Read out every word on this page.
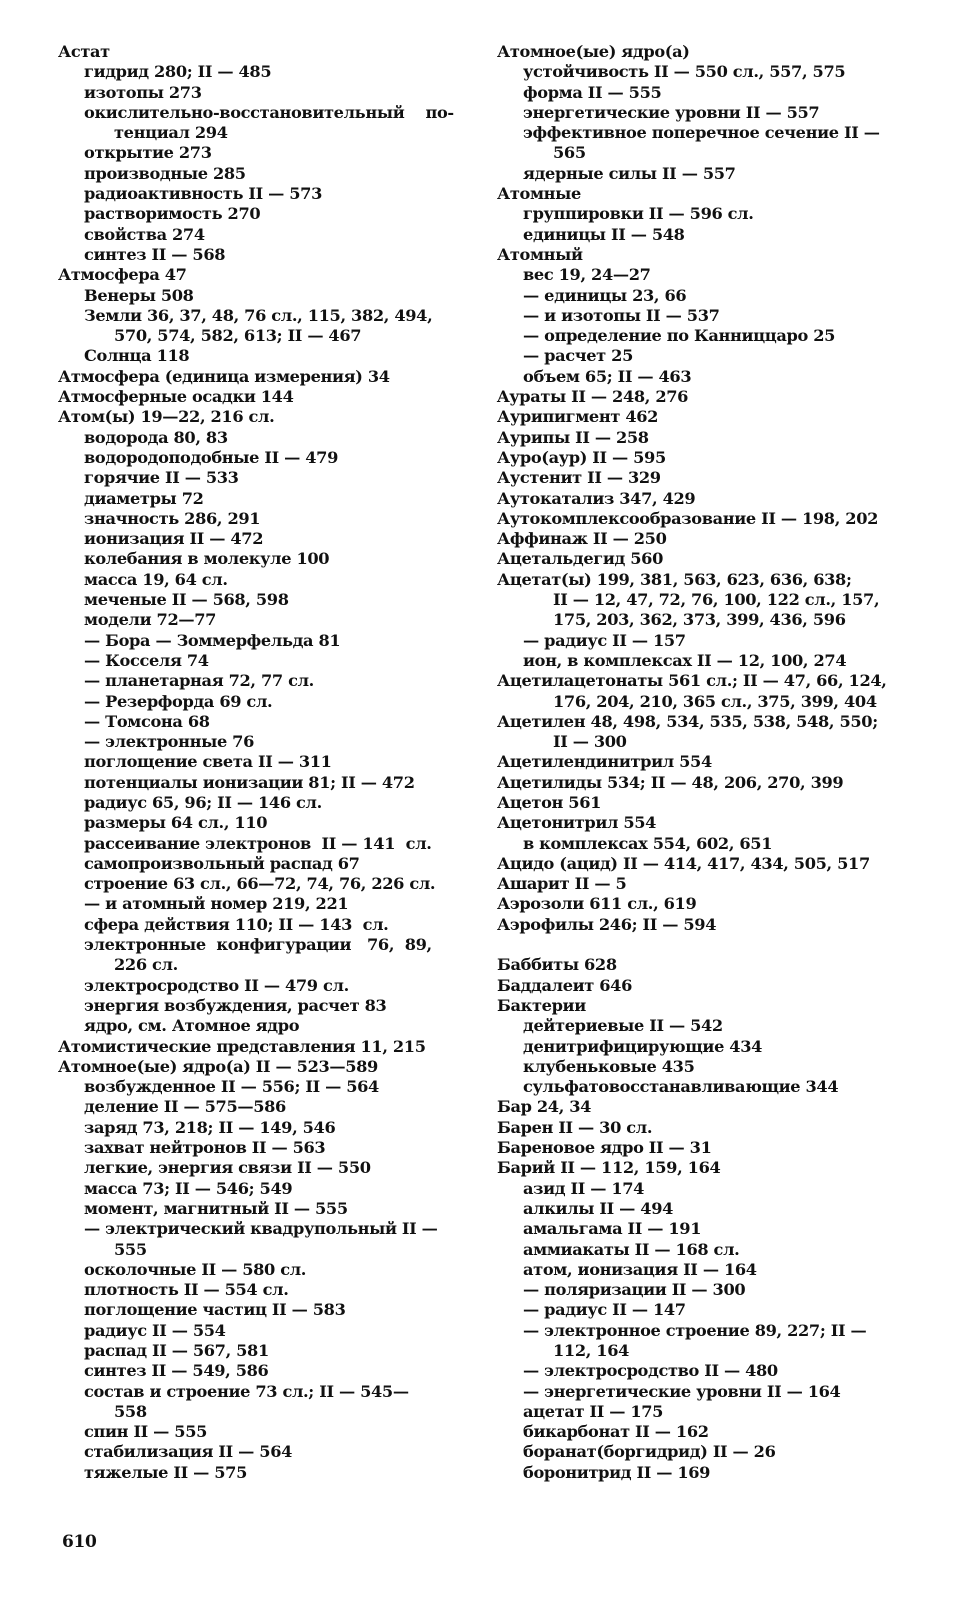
Астат
гидрид 280; II — 485
изотопы 273
окислительно-восстановительный    по-
тенциал 294
открытие 273
производные 285
радиоактивность II — 573
растворимость 270
свойства 274
синтез II — 568
Атмосфера 47
Венеры 508
Земли 36, 37, 48, 76 сл., 115, 382, 494,
570, 574, 582, 613; II — 467
Солнца 118
Атмосфера (единица измерения) 34
Атмосферные осадки 144
Атом(ы) 19—22, 216 сл.
водорода 80, 83
водородоподобные II — 479
горячие II — 533
диаметры 72
значность 286, 291
ионизация II — 472
колебания в молекуле 100
масса 19, 64 сл.
меченые II — 568, 598
модели 72—77
— Бора — Зоммерфельда 81
— Косселя 74
— планетарная 72, 77 сл.
— Резерфорда 69 сл.
— Томсона 68
— электронные 76
поглощение света II — 311
потенциалы ионизации 81; II — 472
радиус 65, 96; II — 146 сл.
размеры 64 сл., 110
рассеивание электронов  II — 141  сл.
самопроизвольный распад 67
строение 63 сл., 66—72, 74, 76, 226 сл.
— и атомный номер 219, 221
сфера действия 110; II — 143  сл.
электронные  конфигурации   76,  89,
226 сл.
электросродство II — 479 сл.
энергия возбуждения, расчет 83
ядро, см. Атомное ядро
Атомистические представления 11, 215
Атомное(ые) ядро(а) II — 523—589
возбужденное II — 556; II — 564
деление II — 575—586
заряд 73, 218; II — 149, 546
захват нейтронов II — 563
легкие, энергия связи II — 550
масса 73; II — 546; 549
момент, магнитный II — 555
— электрический квадрупольный II —
555
осколочные II — 580 сл.
плотность II — 554 сл.
поглощение частиц II — 583
радиус II — 554
распад II — 567, 581
синтез II — 549, 586
состав и строение 73 сл.; II — 545—
558
спин II — 555
стабилизация II — 564
тяжелые II — 575
Атомное(ые) ядро(а)
устойчивость II — 550 сл., 557, 575
форма II — 555
энергетические уровни II — 557
эффективное поперечное сечение II —
565
ядерные силы II — 557
Атомные
группировки II — 596 сл.
единицы II — 548
Атомный
вес 19, 24—27
— единицы 23, 66
— и изотопы II — 537
— определение по Канниццаро 25
— расчет 25
объем 65; II — 463
Aураты II — 248, 276
Аурипигмент 462
Аурипы II — 258
Ауро(аур) II — 595
Аустенит II — 329
Аутокатализ 347, 429
Аутокомплексообразование II — 198, 202
Аффинаж II — 250
Ацетальдегид 560
Ацетат(ы) 199, 381, 563, 623, 636, 638;
II — 12, 47, 72, 76, 100, 122 сл., 157,
175, 203, 362, 373, 399, 436, 596
— радиус II — 157
ион, в комплексах II — 12, 100, 274
Ацетилацетонаты 561 сл.; II — 47, 66, 124,
176, 204, 210, 365 сл., 375, 399, 404
Ацетилен 48, 498, 534, 535, 538, 548, 550;
II — 300
Ацетилендинитрил 554
Ацетилиды 534; II — 48, 206, 270, 399
Ацетон 561
Ацетонитрил 554
в комплексах 554, 602, 651
Ацидо (ацид) II — 414, 417, 434, 505, 517
Ашарит II — 5
Аэрозоли 611 сл., 619
Аэрофилы 246; II — 594
Баббиты 628
Баддалеит 646
Бактерии
дейтериевые II — 542
денитрифицирующие 434
клубеньковые 435
сульфатовосстанавливающие 344
Бар 24, 34
Барен II — 30 сл.
Бареновое ядро II — 31
Барий II — 112, 159, 164
азид II — 174
алкилы II — 494
амальгама II — 191
аммиакаты II — 168 сл.
атом, ионизация II — 164
— поляризации II — 300
— радиус II — 147
— электронное строение 89, 227; II —
112, 164
— электросродство II — 480
— энергетические уровни II — 164
ацетат II — 175
бикарбонат II — 162
боранат(боргидрид) II — 26
боронитрид II — 169
610
